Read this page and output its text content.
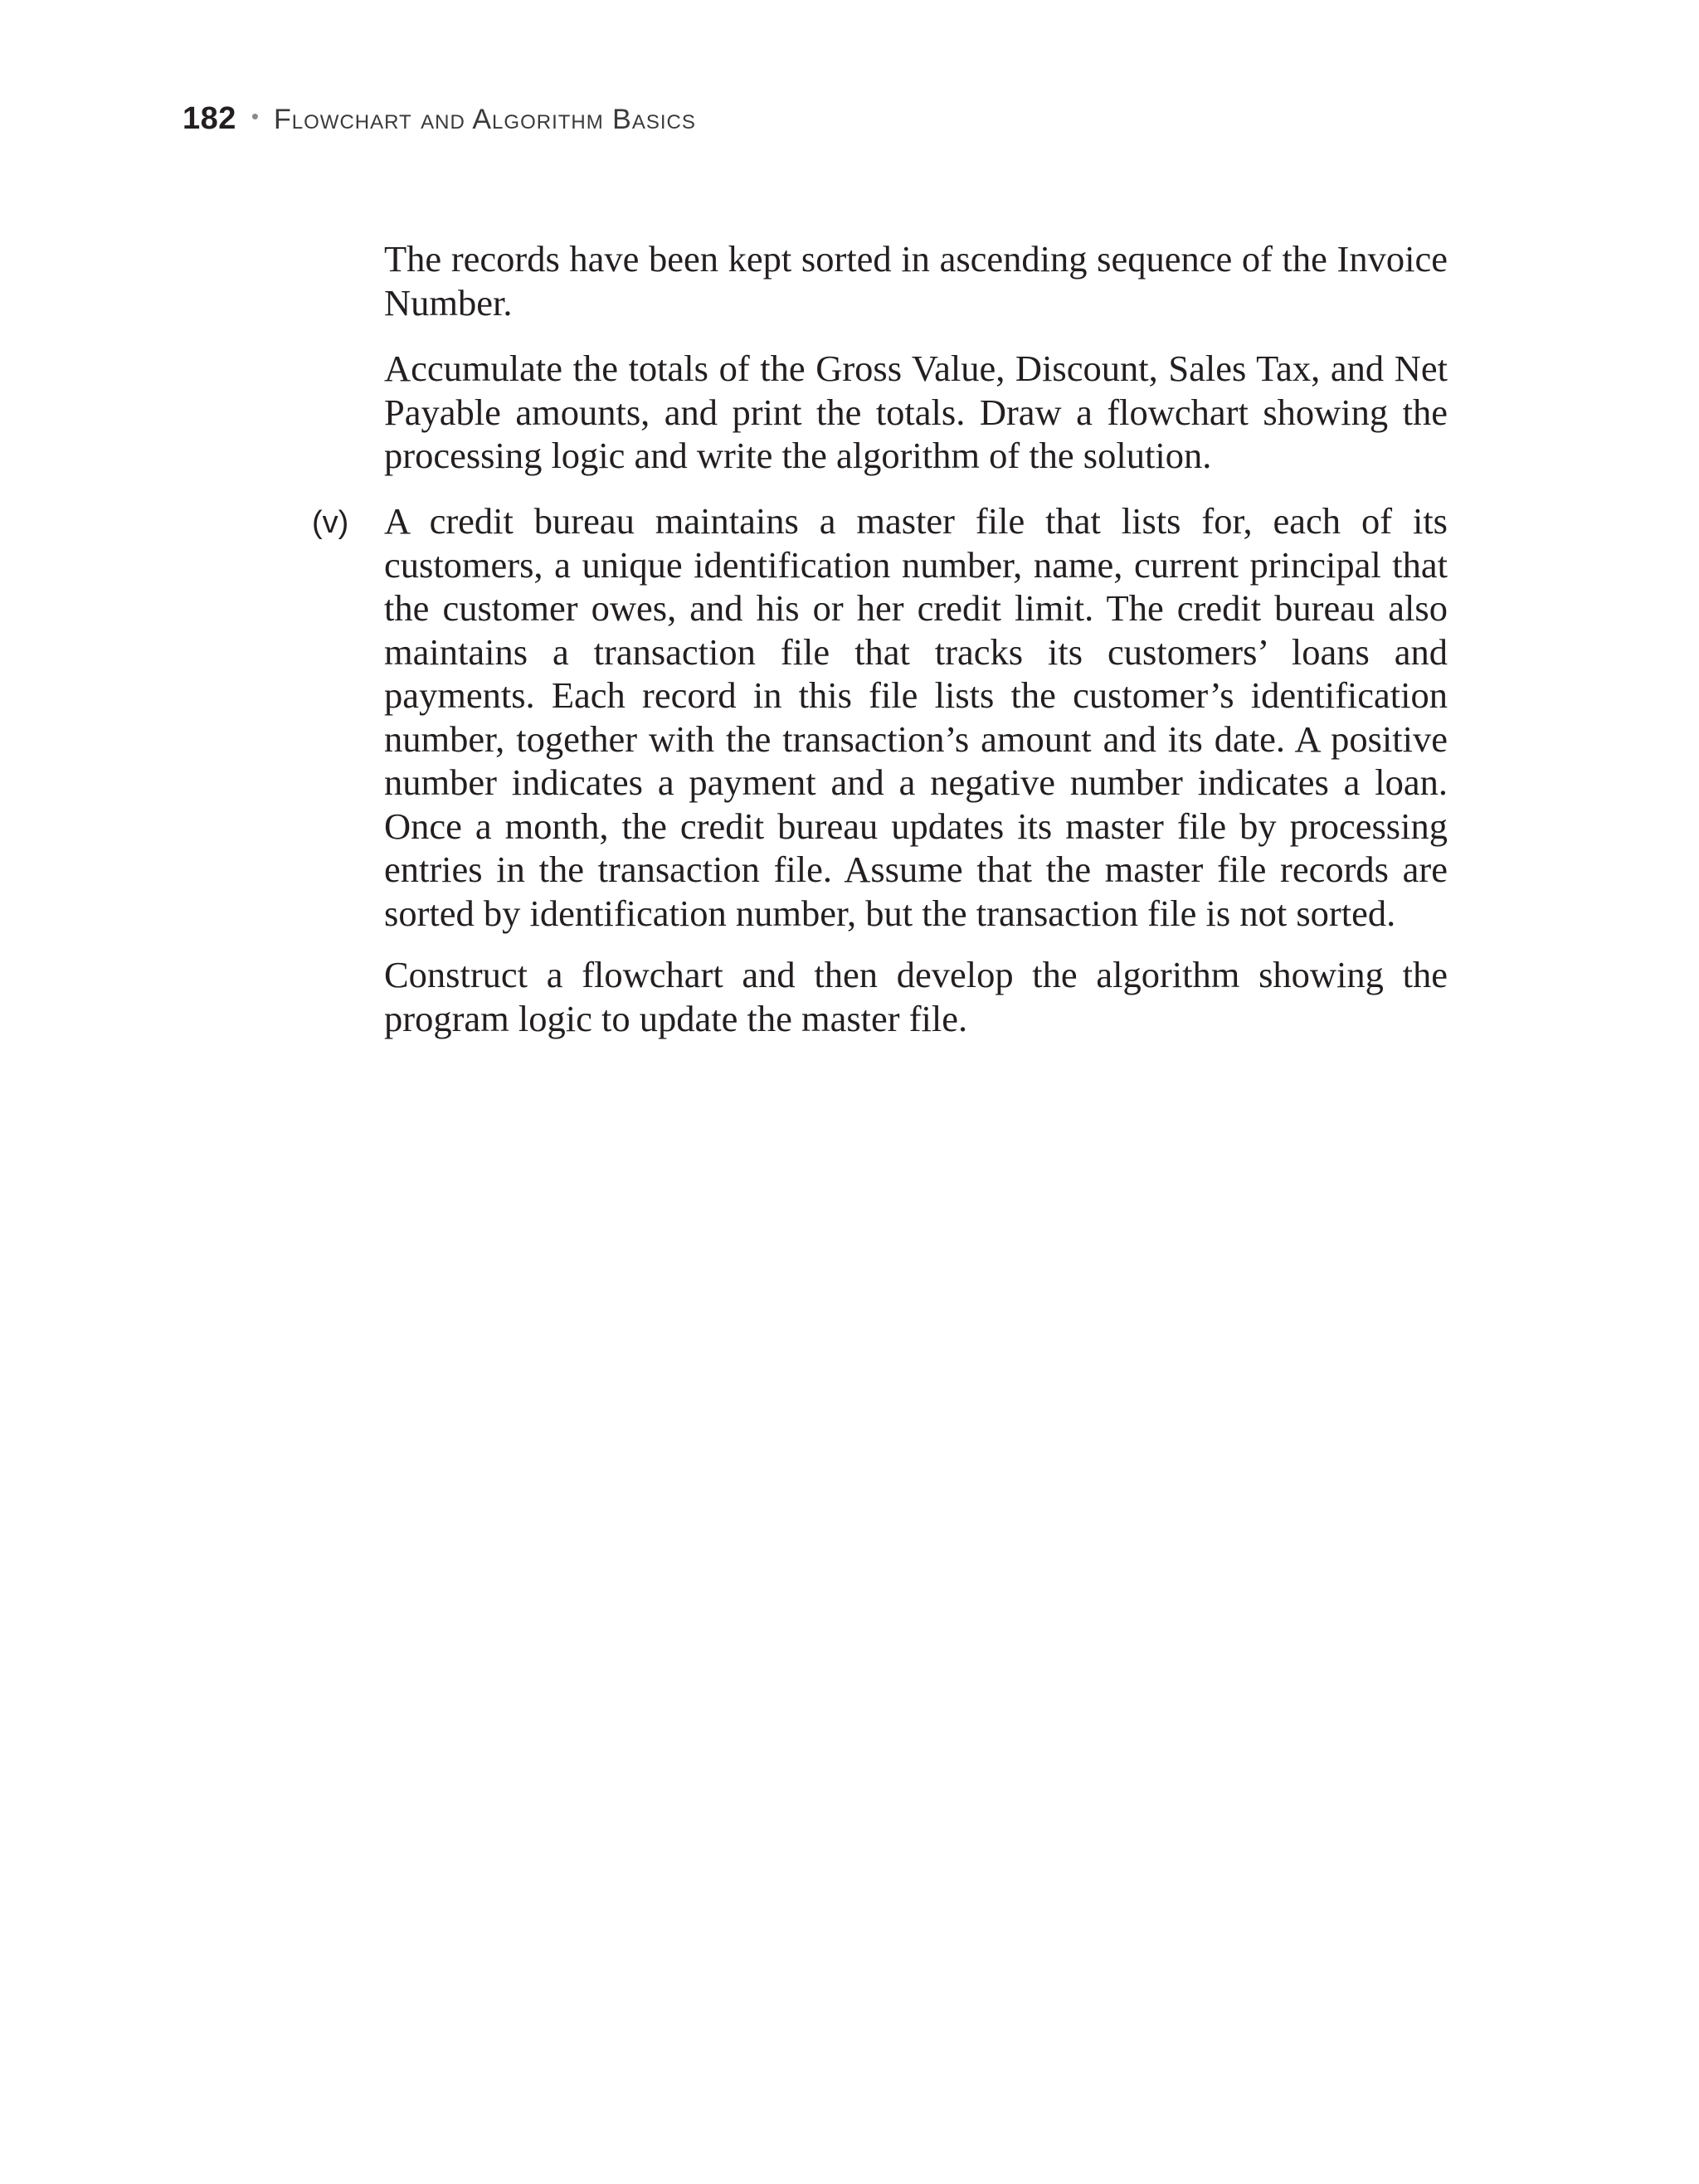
182 • Flowchart and Algorithm Basics

The records have been kept sorted in ascending sequence of the Invoice Number.

Accumulate the totals of the Gross Value, Discount, Sales Tax, and Net Payable amounts, and print the totals. Draw a flowchart showing the processing logic and write the algorithm of the solution.

(v) A credit bureau maintains a master file that lists for, each of its customers, a unique identification number, name, current principal that the customer owes, and his or her credit limit. The credit bureau also maintains a transaction file that tracks its customers’ loans and payments. Each record in this file lists the customer’s identification number, together with the transaction’s amount and its date. A positive number indicates a payment and a negative number indicates a loan. Once a month, the credit bureau updates its master file by processing entries in the transaction file. Assume that the master file records are sorted by identification number, but the transaction file is not sorted.

Construct a flowchart and then develop the algorithm showing the program logic to update the master file.
